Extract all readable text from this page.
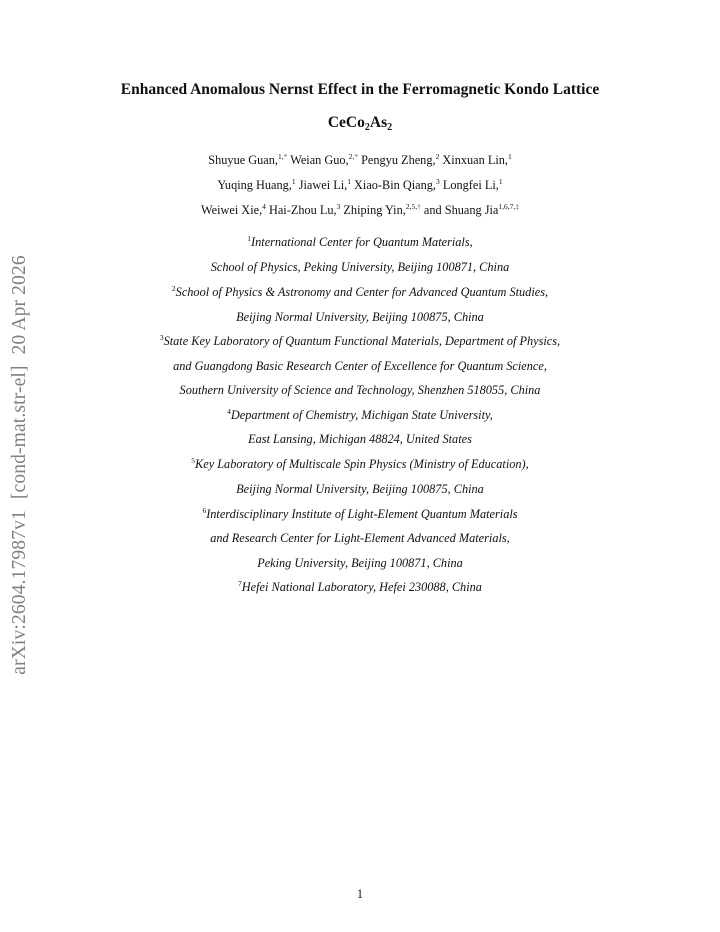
arXiv:2604.17987v1[cond-mat.str-el]20 Apr 2026
Enhanced Anomalous Nernst Effect in the Ferromagnetic Kondo Lattice
$CeCo_2As_2$
Shuyue Guan,$^{1,*}$ Weian Guo,$^{2,*}$ Pengyu Zheng,$^2$ Xinxuan Lin,$^1$
Yuqing Huang,$^1$ Jiawei Li,$^1$ Xiao-Bin Qiang,$^3$ Longfei Li,$^1$
Weiwei Xie,$^4$ Hai-Zhou Lu,$^3$ Zhiping Yin,$^{2,5,\dagger}$ and Shuang Jia$^{1,6,7,\ddagger}$
$^1$International Center for Quantum Materials,
School of Physics, Peking University, Beijing 100871, China
$^2$School of Physics & Astronomy and Center for Advanced Quantum Studies,
Beijing Normal University, Beijing 100875, China
$^3$State Key Laboratory of Quantum Functional Materials, Department of Physics,
and Guangdong Basic Research Center of Excellence for Quantum Science,
Southern University of Science and Technology, Shenzhen 518055, China
$^4$Department of Chemistry, Michigan State University,
East Lansing, Michigan 48824, United States
$^5$Key Laboratory of Multiscale Spin Physics (Ministry of Education),
Beijing Normal University, Beijing 100875, China
$^6$Interdisciplinary Institute of Light-Element Quantum Materials
and Research Center for Light-Element Advanced Materials,
Peking University, Beijing 100871, China
$^7$Hefei National Laboratory, Hefei 230088, China
1
